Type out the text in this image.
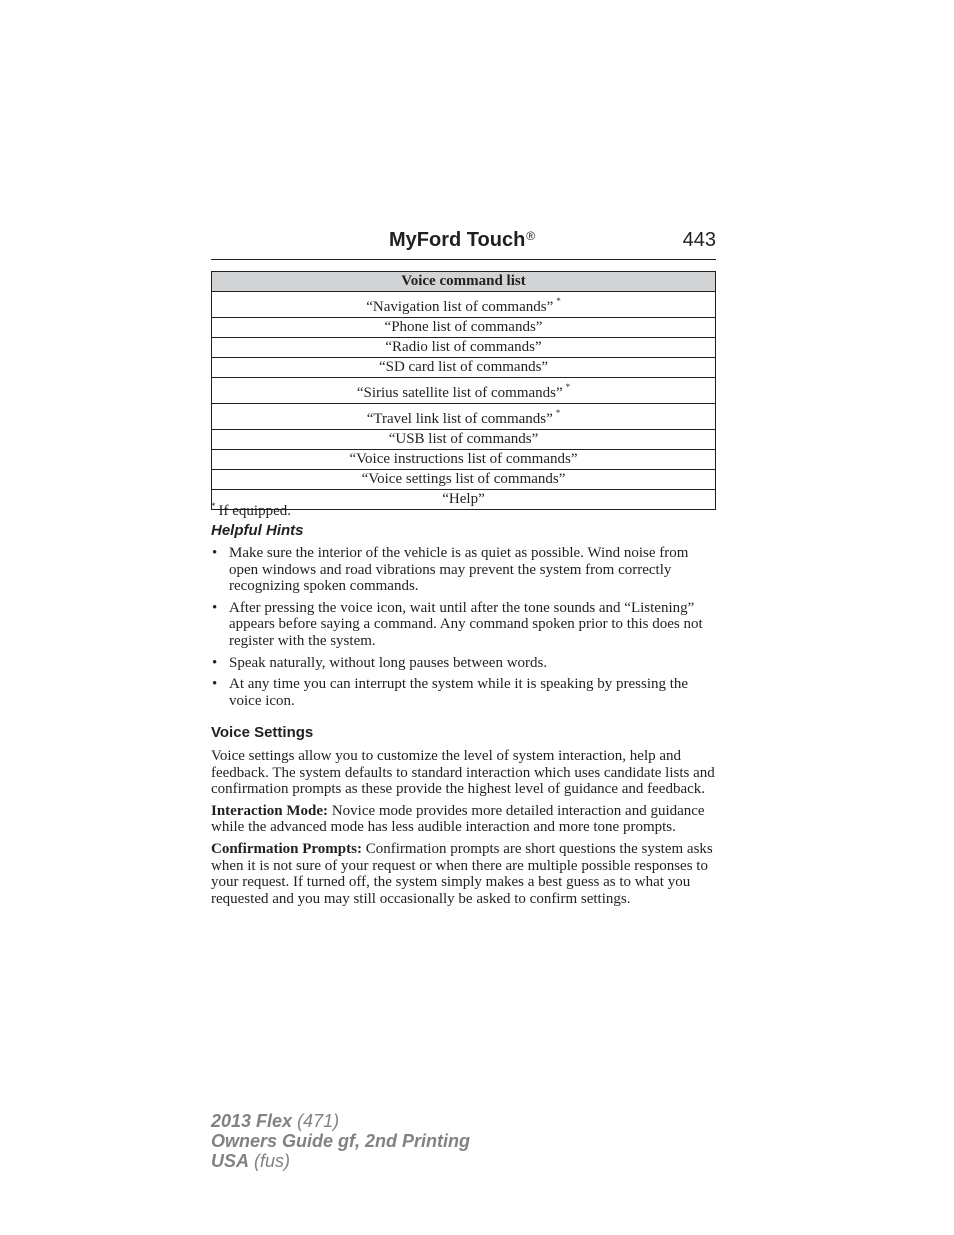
MyFord Touch®	443
Voice command list
“Navigation list of commands” *
“Phone list of commands”
“Radio list of commands”
“SD card list of commands”
“Sirius satellite list of commands” *
“Travel link list of commands” *
“USB list of commands”
“Voice instructions list of commands”
“Voice settings list of commands”
“Help”
* If equipped.
Helpful Hints
• Make sure the interior of the vehicle is as quiet as possible. Wind noise from open windows and road vibrations may prevent the system from correctly recognizing spoken commands.
• After pressing the voice icon, wait until after the tone sounds and “Listening” appears before saying a command. Any command spoken prior to this does not register with the system.
• Speak naturally, without long pauses between words.
• At any time you can interrupt the system while it is speaking by pressing the voice icon.
Voice Settings

Voice settings allow you to customize the level of system interaction, help and feedback. The system defaults to standard interaction which uses candidate lists and confirmation prompts as these provide the highest level of guidance and feedback.

Interaction Mode: Novice mode provides more detailed interaction and guidance while the advanced mode has less audible interaction and more tone prompts.

Confirmation Prompts: Confirmation prompts are short questions the system asks when it is not sure of your request or when there are multiple possible responses to your request. If turned off, the system simply makes a best guess as to what you requested and you may still occasionally be asked to confirm settings.

2013 Flex (471)
Owners Guide gf, 2nd Printing
USA (fus)
